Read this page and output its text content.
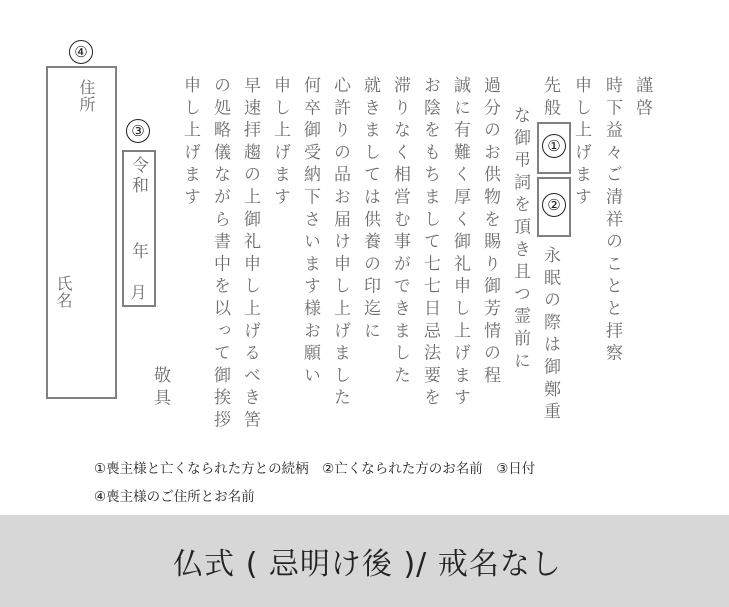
謹啓
時下益々ご清祥のことと拝察
申し上げます
先般
永眠の際は御鄭重
な御弔詞を頂き且つ霊前に
過分のお供物を賜り御芳情の程
誠に有難く厚く御礼申し上げます
お陰をもちまして七七日忌法要を
滞りなく相営む事ができました
就きましては供養の印迄に
心許りの品お届け申し上げました
何卒御受納下さいます様お願い
申し上げます
早速拝趨の上御礼申し上げるべき筈
の処略儀ながら書中を以って御挨拶
申し上げます
敬具
①
②
③
令和
年
月
④
住所
氏名
①喪主様と亡くなられた方との続柄　②亡くなられた方のお名前　③日付
④喪主様のご住所とお名前
仏式 ( 忌明け後 )/ 戒名なし
